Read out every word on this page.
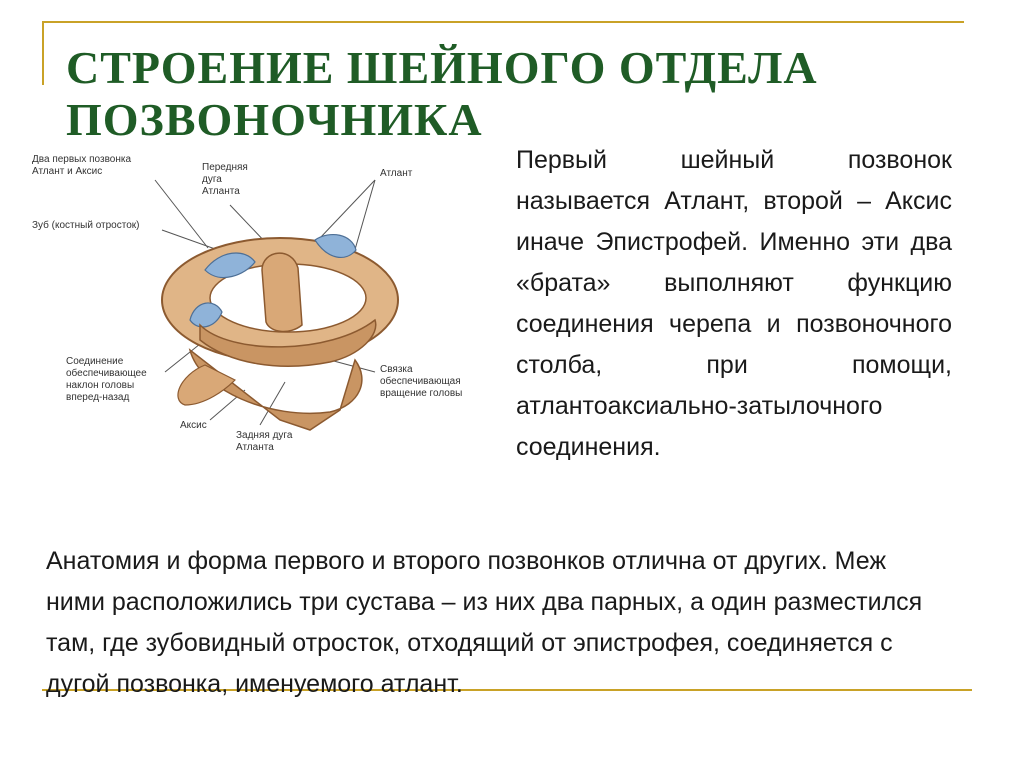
СТРОЕНИЕ ШЕЙНОГО ОТДЕЛА ПОЗВОНОЧНИКА
Два первых позвонка
Атлант и Аксис	Передняя
дуга
Атланта
Атлант
Зуб (костный отросток)
Соединение
обеспечивающее
наклон головы
вперед-назад
Связка
обеспечивающая
вращение головы
Аксис
Задняя дуга
Атланта

Первый шейный позвонок называется Атлант, второй – Аксис иначе Эпистрофей. Именно эти два «брата» выполняют функцию соединения черепа и позвоночного столба, при помощи, атлантоаксиально-затылочного соединения.

Анатомия и форма первого и второго позвонков отлична от других. Меж ними расположились три сустава – из них два парных, а один разместился там, где зубовидный отросток, отходящий от эпистрофея, соединяется с дугой позвонка, именуемого атлант.
